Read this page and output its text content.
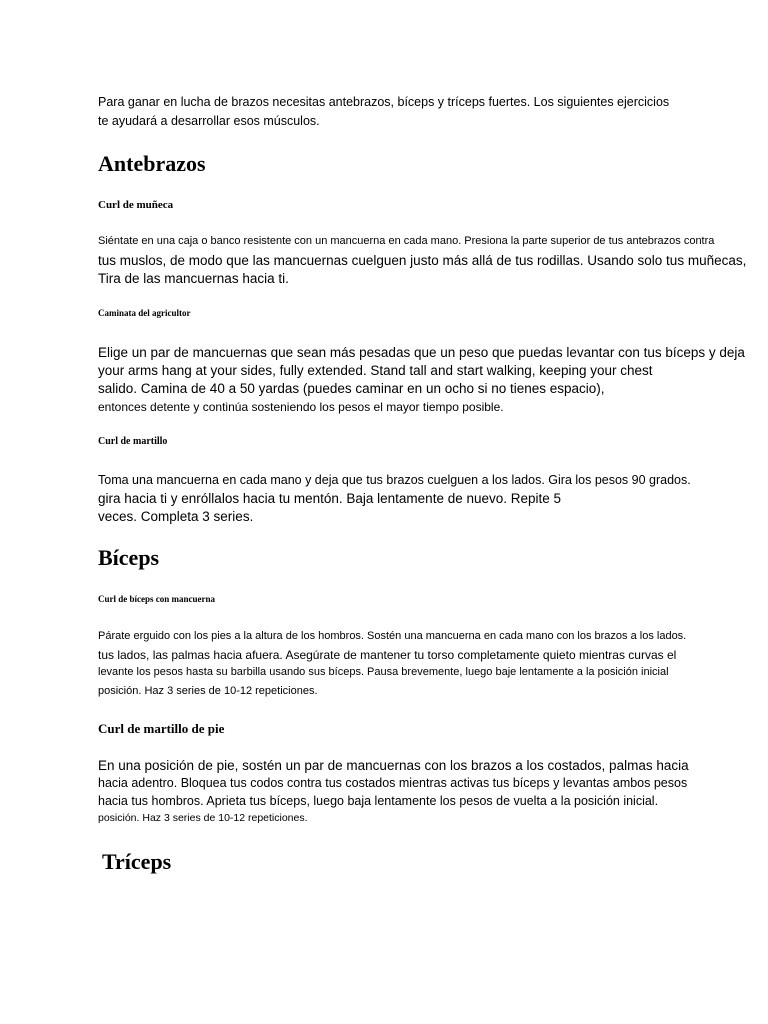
Para ganar en lucha de brazos necesitas antebrazos, bíceps y tríceps fuertes. Los siguientes ejercicios

te ayudará a desarrollar esos músculos.

Antebrazos
Curl de muñeca

Siéntate en una caja o banco resistente con un mancuerna en cada mano. Presiona la parte superior de tus antebrazos contra

tus muslos, de modo que las mancuernas cuelguen justo más allá de tus rodillas. Usando solo tus muñecas,

Tira de las mancuernas hacia ti.

Caminata del agricultor

Elige un par de mancuernas que sean más pesadas que un peso que puedas levantar con tus bíceps y deja

your arms hang at your sides, fully extended. Stand tall and start walking, keeping your chest

salido. Camina de 40 a 50 yardas (puedes caminar en un ocho si no tienes espacio),

entonces detente y continúa sosteniendo los pesos el mayor tiempo posible.

Curl de martillo

Toma una mancuerna en cada mano y deja que tus brazos cuelguen a los lados. Gira los pesos 90 grados.

gira hacia ti y enróllalos hacia tu mentón. Baja lentamente de nuevo. Repite 5

veces. Completa 3 series.

Bíceps
Curl de bíceps con mancuerna

Párate erguido con los pies a la altura de los hombros. Sostén una mancuerna en cada mano con los brazos a los lados.

tus lados, las palmas hacia afuera. Asegúrate de mantener tu torso completamente quieto mientras curvas el

levante los pesos hasta su barbilla usando sus bíceps. Pausa brevemente, luego baje lentamente a la posición inicial

posición. Haz 3 series de 10-12 repeticiones.

Curl de martillo de pie

En una posición de pie, sostén un par de mancuernas con los brazos a los costados, palmas hacia

hacia adentro. Bloquea tus codos contra tus costados mientras activas tus bíceps y levantas ambos pesos

hacia tus hombros. Aprieta tus bíceps, luego baja lentamente los pesos de vuelta a la posición inicial.

posición. Haz 3 series de 10-12 repeticiones.

Tríceps
